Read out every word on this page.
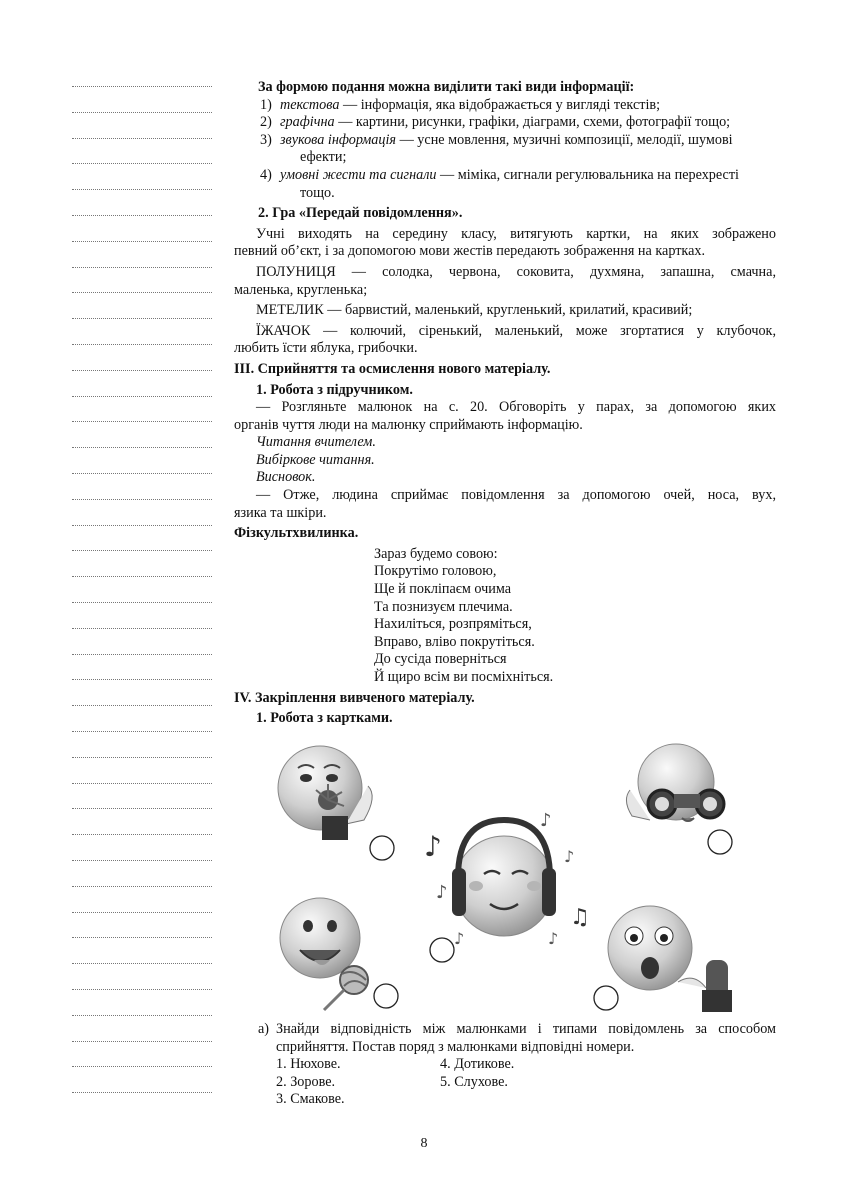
За формою подання можна виділити такі види інформації:
1) текстова — інформація, яка відображається у вигляді текстів;
2) графічна — картини, рисунки, графіки, діаграми, схеми, фотографії тощо;
3) звукова інформація — усне мовлення, музичні композиції, мелодії, шумові
ефекти;
4) умовні жести та сигнали — міміка, сигнали регулювальника на перехресті
тощо.
2. Гра «Передай повідомлення».
Учні виходять на середину класу, витягують картки, на яких зображено
певний об’єкт, і за допомогою мови жестів передають зображення на картках.
ПОЛУНИЦЯ — солодка, червона, соковита, духмяна, запашна, смачна,
маленька, кругленька;
МЕТЕЛИК — барвистий, маленький, кругленький, крилатий, красивий;
ЇЖАЧОК — колючий, сіренький, маленький, може згортатися у клубочок,
любить їсти яблука, грибочки.
ІІІ. Сприйняття та осмислення нового матеріалу.
1. Робота з підручником.
— Розгляньте малюнок на с. 20. Обговоріть у парах, за допомогою яких
органів чуття люди на малюнку сприймають інформацію.
Читання вчителем.
Вибіркове читання.
Висновок.
— Отже, людина сприймає повідомлення за допомогою очей, носа, вух,
язика та шкіри.
Фізкультхвилинка.
Зараз будемо совою:
Покрутімо головою,
Ще й покліпаєм очима
Та познизуєм плечима.
Нахиліться, розпряміться,
Вправо, вліво покрутіться.
До сусіда поверніться
Й щиро всім ви посміхніться.
IV. Закріплення вивченого матеріалу.
1. Робота з картками.
♪
♪
♪
♪
♫
♪	♪
а) Знайди відповідність між малюнками і типами повідомлень за способом
сприйняття. Постав поряд з малюнками відповідні номери.
1. Нюхове.	4. Дотикове.
2. Зорове.	5. Слухове.
3. Смакове.
8
